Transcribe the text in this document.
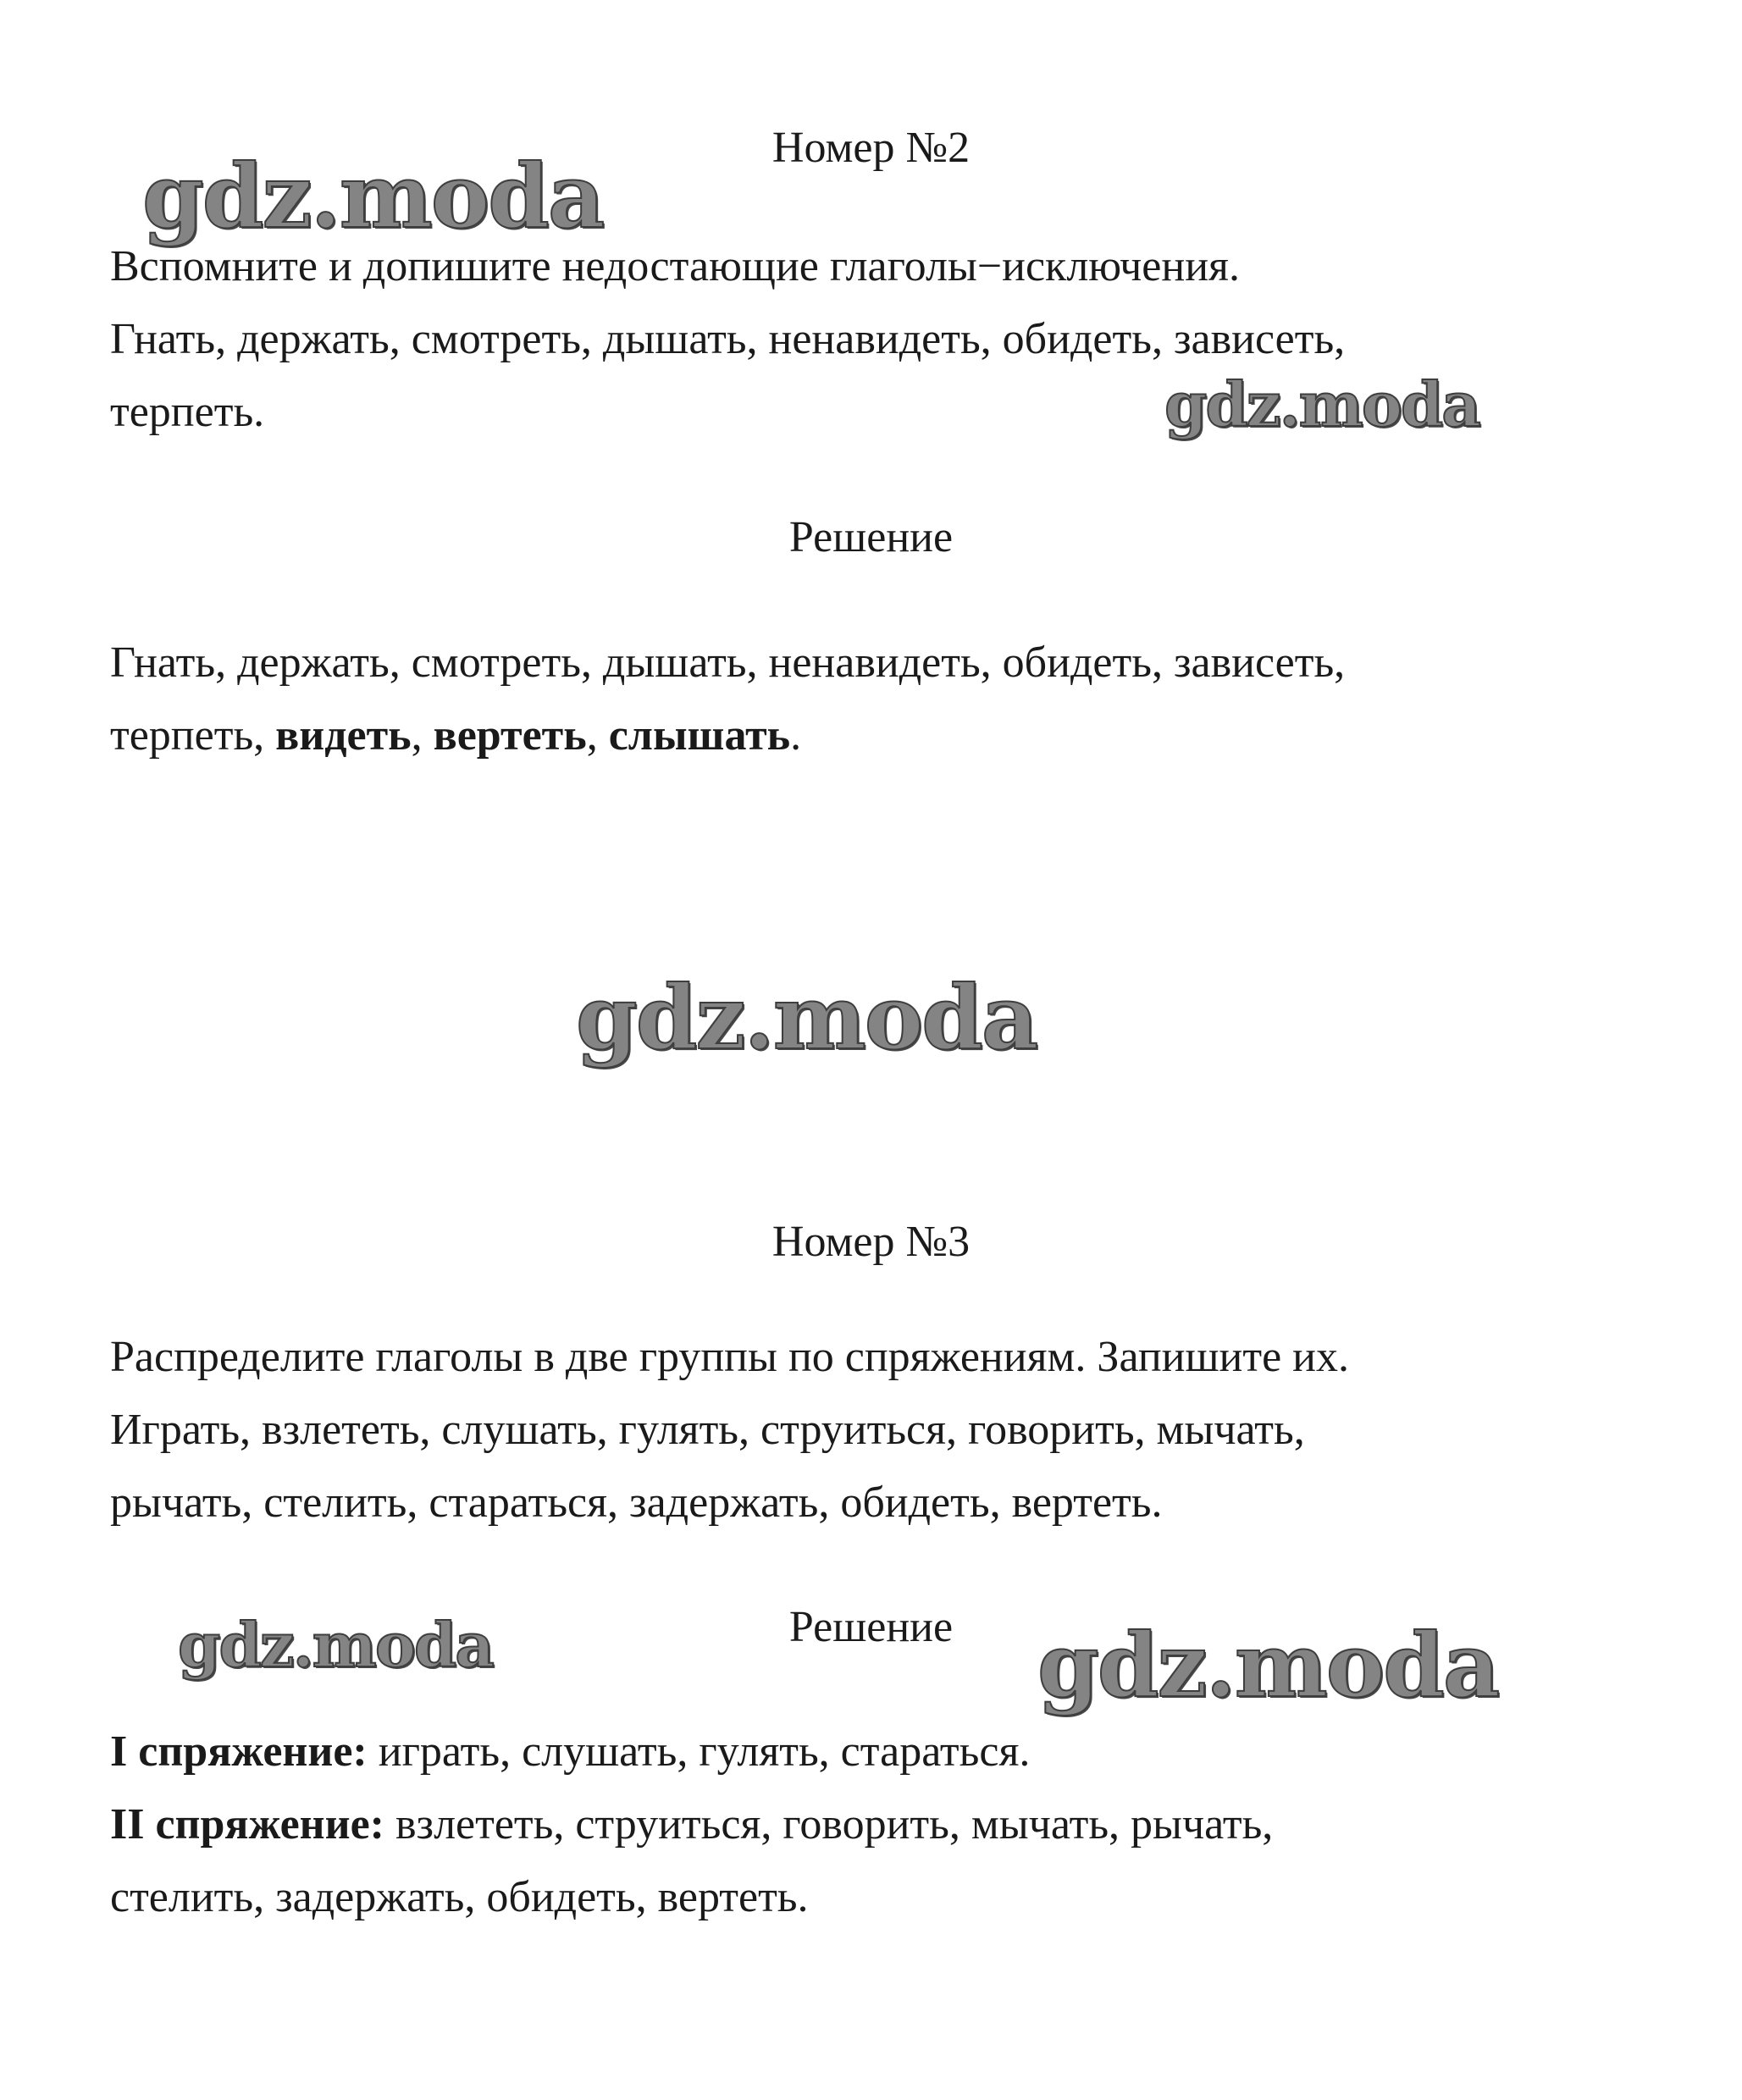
Номер №2
Вспомните и допишите недостающие глаголы−исключения.
Гнать, держать, смотреть, дышать, ненавидеть, обидеть, зависеть,
терпеть.
Решение
Гнать, держать, смотреть, дышать, ненавидеть, обидеть, зависеть,
терпеть, видеть, вертеть, слышать.
Номер №3
Распределите глаголы в две группы по спряжениям. Запишите их.
Играть, взлететь, слушать, гулять, струиться, говорить, мычать,
рычать, стелить, стараться, задержать, обидеть, вертеть.
Решение
I спряжение: играть, слушать, гулять, стараться.
II спряжение: взлететь, струиться, говорить, мычать, рычать,
стелить, задержать, обидеть, вертеть.
gdz.moda
gdz.moda
gdz.moda
gdz.moda	gdz.moda
